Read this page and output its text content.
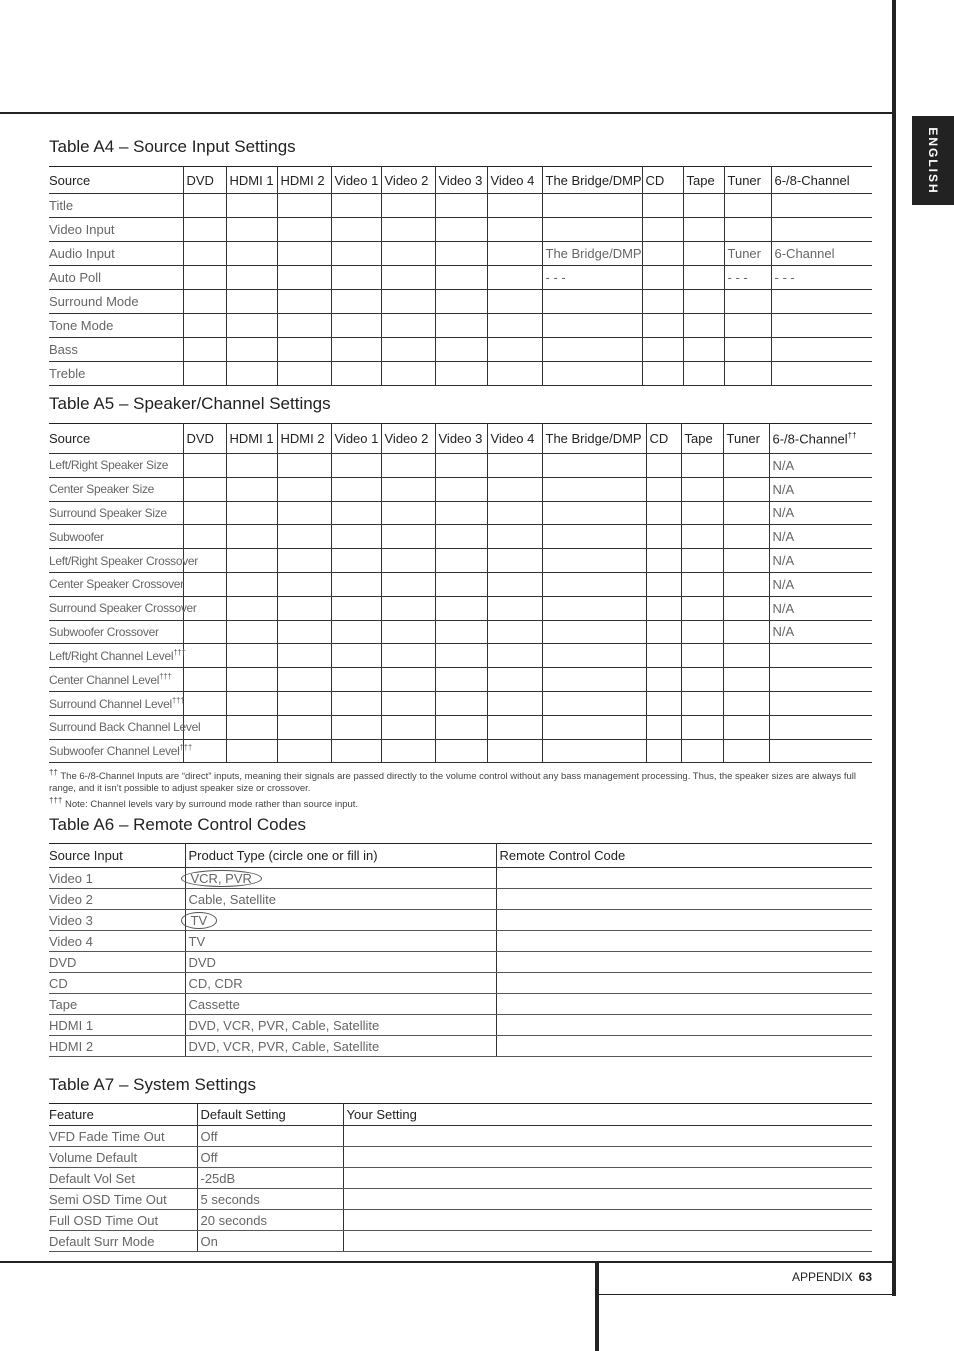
ENGLISH
Table A4 – Source Input Settings
Source	DVD	HDMI 1	HDMI 2	Video 1	Video 2	Video 3	Video 4	The Bridge/DMP	CD	Tape	Tuner	6-/8-Channel
Title												
Video Input												
Audio Input								The Bridge/DMP			Tuner	6-Channel
Auto Poll								- - -			- - -	- - -
Surround Mode												
Tone Mode												
Bass												
Treble												
Table A5 – Speaker/Channel Settings
Source	DVD	HDMI 1	HDMI 2	Video 1	Video 2	Video 3	Video 4	The Bridge/DMP	CD	Tape	Tuner	6-/8-Channel††
Left/Right Speaker Size												N/A
Center Speaker Size												N/A
Surround Speaker Size												N/A
Subwoofer												N/A
Left/Right Speaker Crossover												N/A
Center Speaker Crossover												N/A
Surround Speaker Crossover												N/A
Subwoofer Crossover												N/A
Left/Right Channel Level†††												
Center Channel Level†††												
Surround Channel Level†††												
Surround Back Channel Level												
Subwoofer Channel Level†††												
†† The 6-/8-Channel Inputs are “direct” inputs, meaning their signals are passed directly to the volume control without any bass management processing. Thus, the speaker sizes are always full range, and it isn’t possible to adjust speaker size or crossover.
††† Note: Channel levels vary by surround mode rather than source input.
Table A6 – Remote Control Codes
Source Input	Product Type (circle one or fill in)	Remote Control Code
Video 1	VCR, PVR	
Video 2	Cable, Satellite	
Video 3	TV	
Video 4	TV	
DVD	DVD	
CD	CD, CDR	
Tape	Cassette	
HDMI 1	DVD, VCR, PVR, Cable, Satellite	
HDMI 2	DVD, VCR, PVR, Cable, Satellite	
Table A7 – System Settings
Feature	Default Setting	Your Setting
VFD Fade Time Out	Off	
Volume Default	Off	
Default Vol Set	-25dB	
Semi OSD Time Out	5 seconds	
Full OSD Time Out	20 seconds	
Default Surr Mode	On	
APPENDIX 63
